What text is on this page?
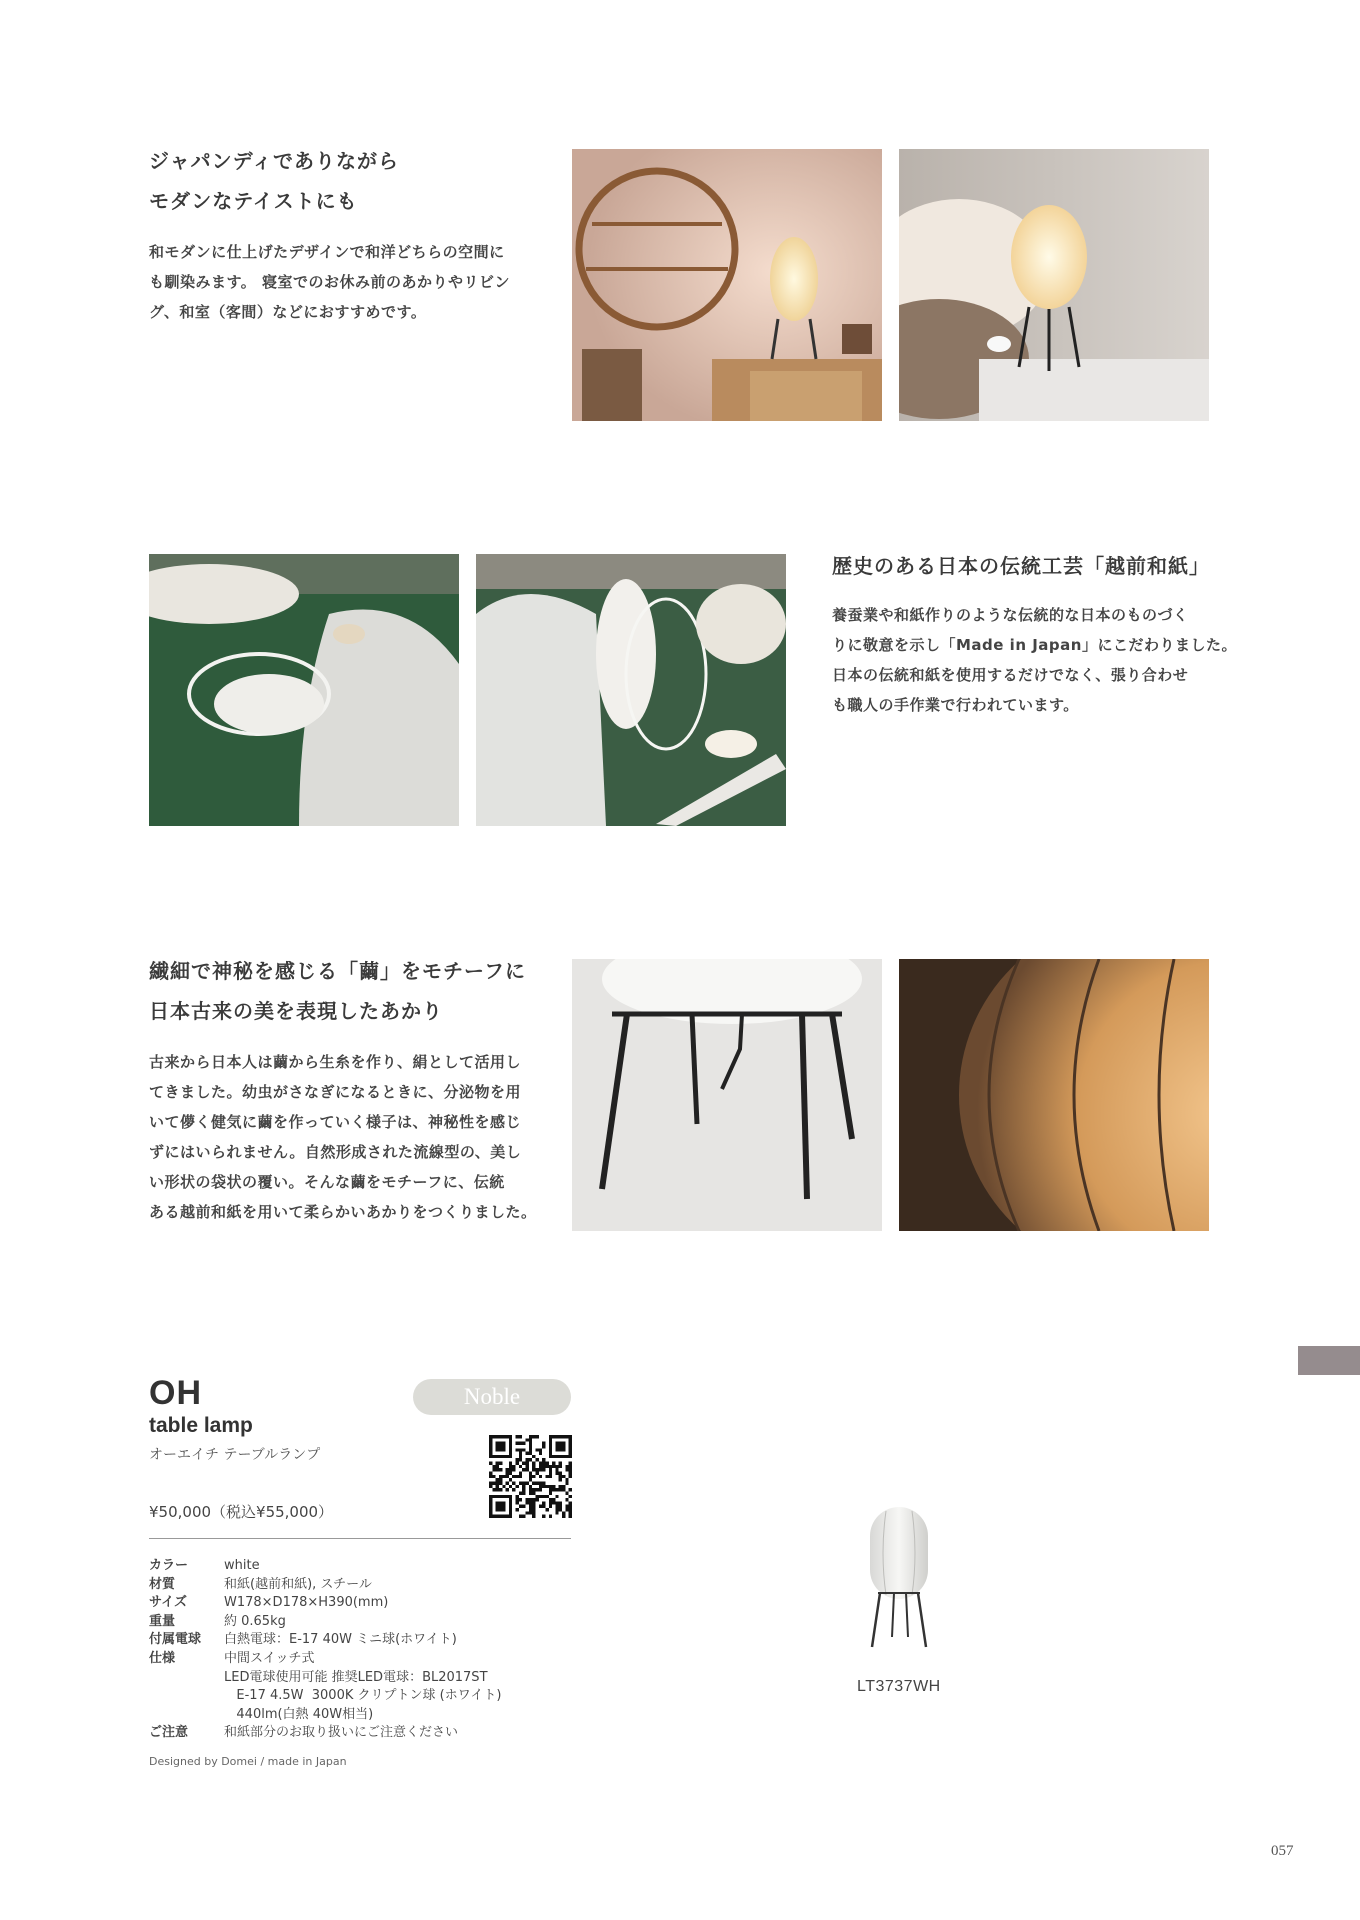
ジャパンディでありながら
モダンなテイストにも
和モダンに仕上げたデザインで和洋どちらの空間に
も馴染みます。 寝室でのお休み前のあかりやリビン
グ、和室（客間）などにおすすめです。
歴史のある日本の伝統工芸「越前和紙」
養蚕業や和紙作りのような伝統的な日本のものづく
りに敬意を示し「Made in Japan」にこだわりました。
日本の伝統和紙を使用するだけでなく、張り合わせ
も職人の手作業で行われています。
繊細で神秘を感じる「繭」をモチーフに
日本古来の美を表現したあかり
古来から日本人は繭から生糸を作り、絹として活用し
てきました。幼虫がさなぎになるときに、分泌物を用
いて儚く健気に繭を作っていく様子は、神秘性を感じ
ずにはいられません。自然形成された流線型の、美し
い形状の袋状の覆い。そんな繭をモチーフに、伝統
ある越前和紙を用いて柔らかいあかりをつくりました。
OH
table lamp
オーエイチ テーブルランプ
Noble
¥50,000（税込¥55,000）
カラー	white
材質	和紙(越前和紙), スチール
サイズ	W178×D178×H390(mm)
重量	約 0.65kg
付属電球	白熱電球：E-17 40W ミニ球(ホワイト)
仕様	中間スイッチ式
LED電球使用可能 推奨LED電球：BL2017ST
E-17 4.5W  3000K クリプトン球 (ホワイト)
440lm(白熱 40W相当)
ご注意	和紙部分のお取り扱いにご注意ください
Designed by Domei / made in Japan
LT3737WH
057
